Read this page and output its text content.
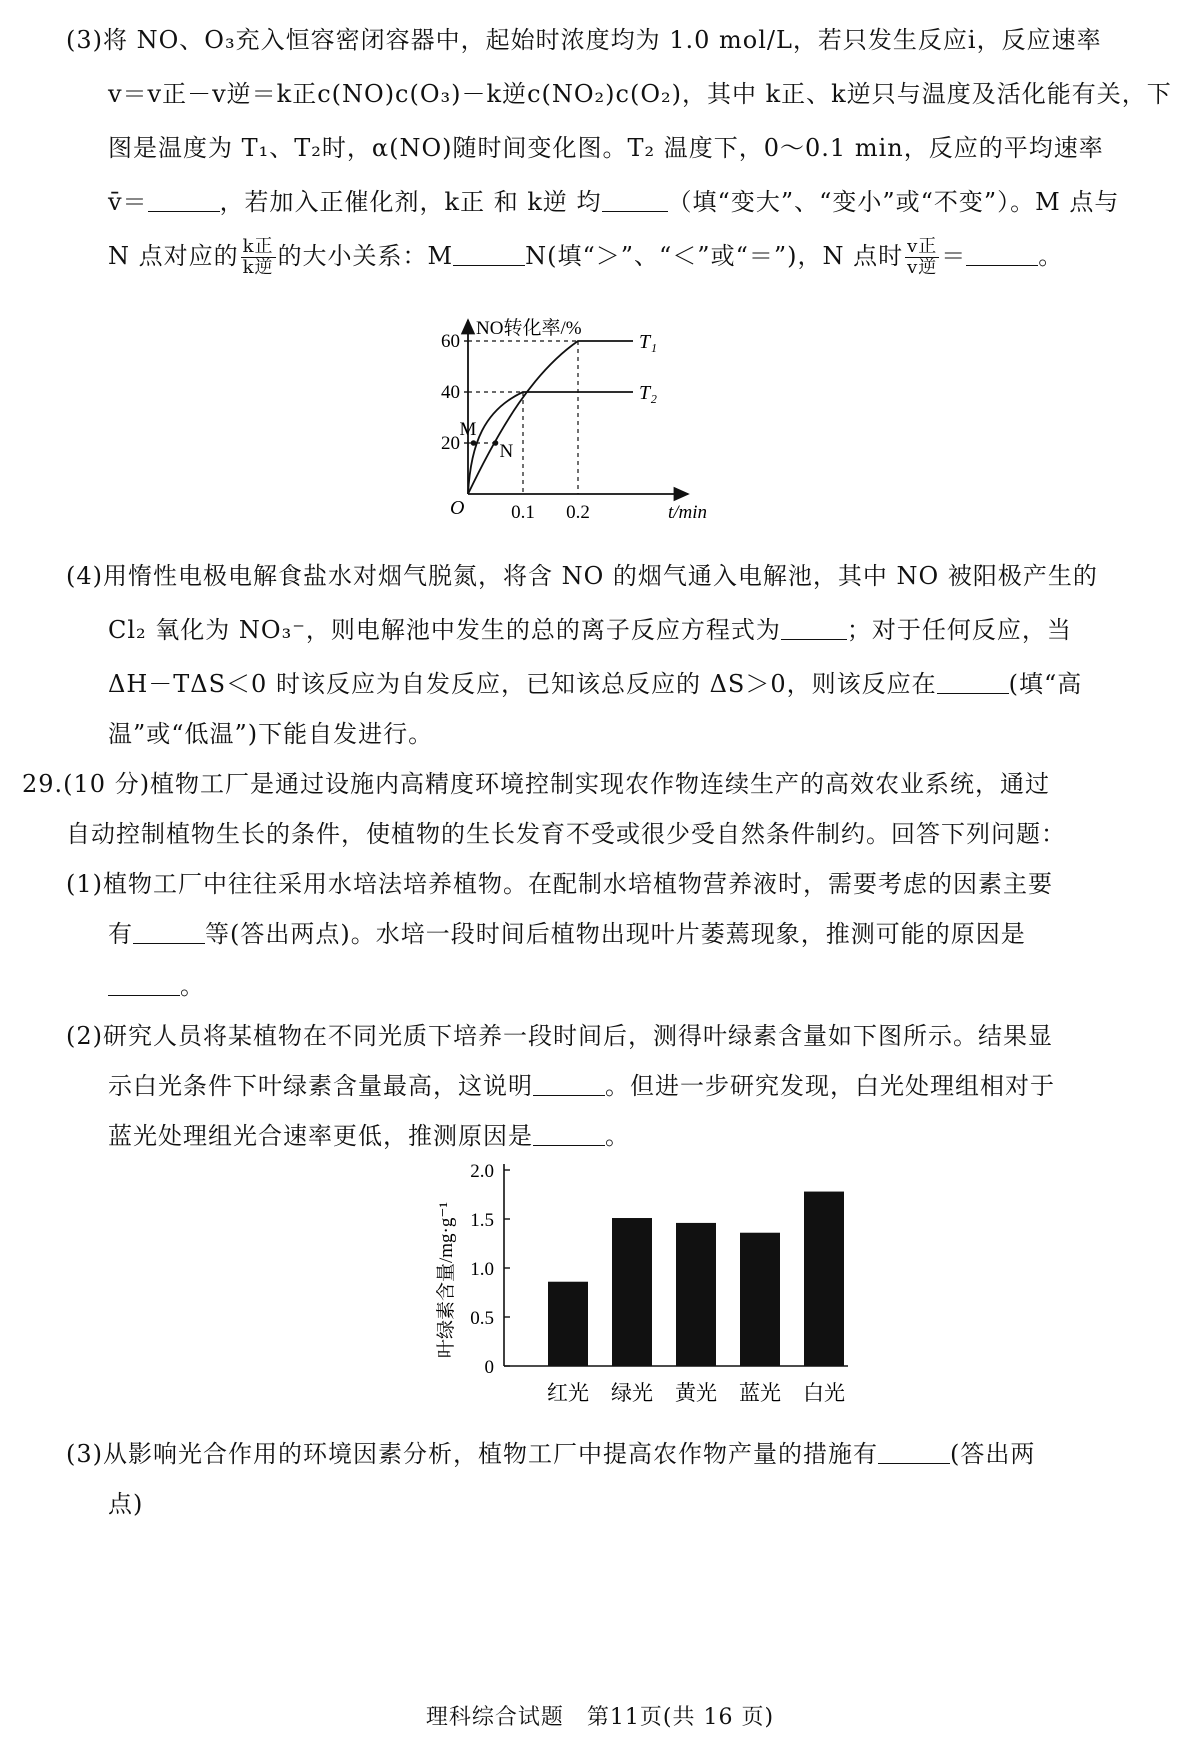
(3)将 NO、O₃充入恒容密闭容器中，起始时浓度均为 1.0 mol/L，若只发生反应ⅰ，反应速率
v＝v正－v逆＝k正c(NO)c(O₃)－k逆c(NO₂)c(O₂)，其中 k正、k逆只与温度及活化能有关，下
图是温度为 T₁、T₂时，α(NO)随时间变化图。T₂ 温度下，0～0.1 min，反应的平均速率
v̄＝	，若加入正催化剂，k正 和 k逆 均	（填“变大”、“变小”或“不变”）。M 点与
N 点对应的 $\frac{\text{k正}}{\text{k逆}}$ 的大小关系：M	N(填“＞”、“＜”或“＝”)，N 点时 $\frac{\text{v正}}{\text{v逆}}$ ＝	。
T₁
T₂
M
N
60
40
20
0.1 0.2
NO转化率/%
t/min
O
(4)用惰性电极电解食盐水对烟气脱氮，将含 NO 的烟气通入电解池，其中 NO 被阳极产生的
Cl₂ 氧化为 NO₃⁻，则电解池中发生的总的离子反应方程式为	；对于任何反应，当
ΔH－TΔS＜0 时该反应为自发反应，已知该总反应的 ΔS＞0，则该反应在	(填“高
温”或“低温”)下能自发进行。
29.(10 分)植物工厂是通过设施内高精度环境控制实现农作物连续生产的高效农业系统，通过
自动控制植物生长的条件，使植物的生长发育不受或很少受自然条件制约。回答下列问题：
(1)植物工厂中往往采用水培法培养植物。在配制水培植物营养液时，需要考虑的因素主要
有	等(答出两点)。水培一段时间后植物出现叶片萎蔫现象，推测可能的原因是
。
(2)研究人员将某植物在不同光质下培养一段时间后，测得叶绿素含量如下图所示。结果显
示白光条件下叶绿素含量最高，这说明	。但进一步研究发现，白光处理组相对于
蓝光处理组光合速率更低，推测原因是	。
叶绿素含量/mg·g⁻¹
2.0
1.5
1.0
0.5
0
红光 绿光 黄光 蓝光 白光
(3)从影响光合作用的环境因素分析，植物工厂中提高农作物产量的措施有	(答出两
点)
理科综合试题　第11页(共 16 页)
